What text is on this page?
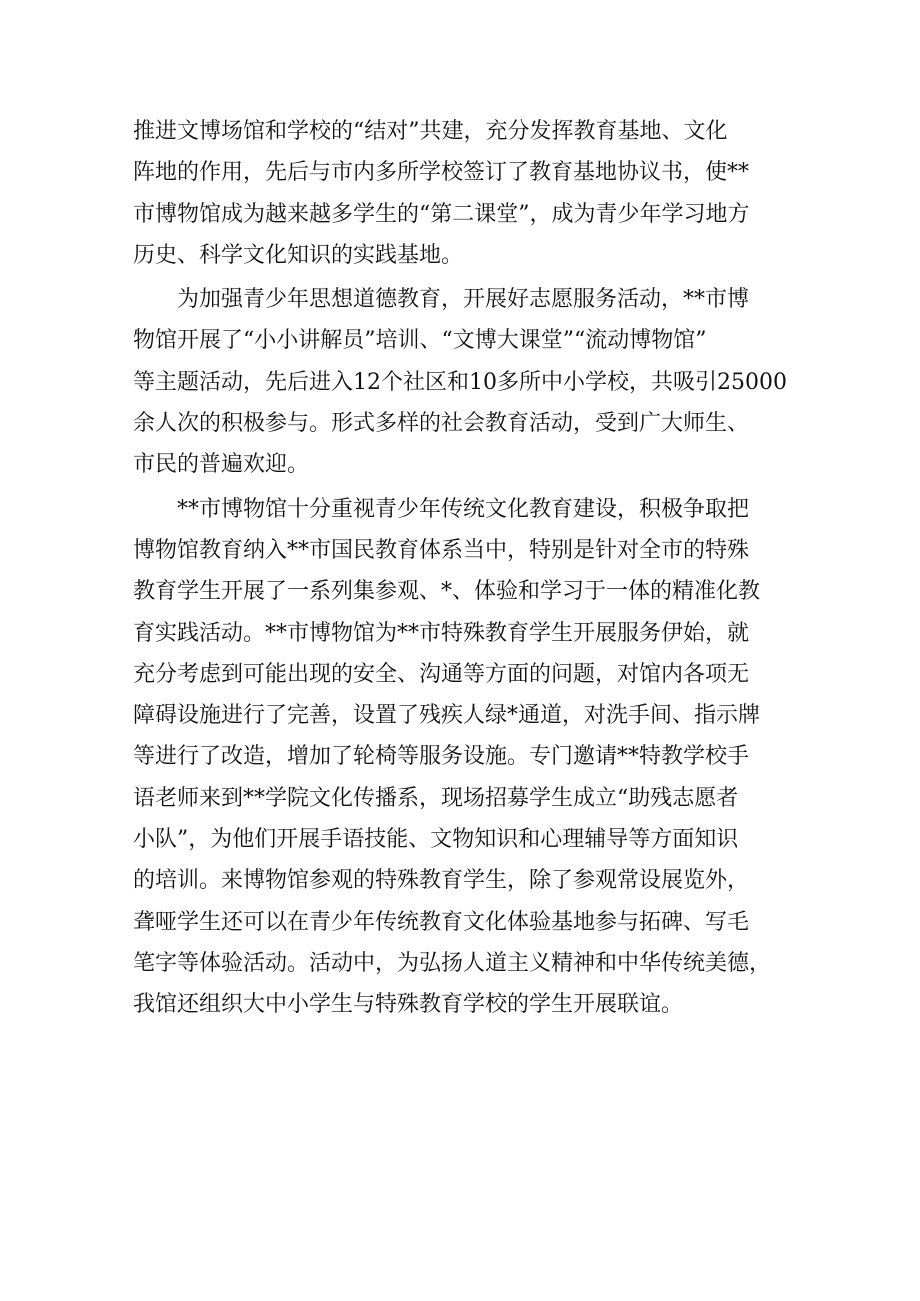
推进文博场馆和学校的“结对”共建，充分发挥教育基地、文化
阵地的作用，先后与市内多所学校签订了教育基地协议书，使**
市博物馆成为越来越多学生的“第二课堂”，成为青少年学习地方
历史、科学文化知识的实践基地。
　　为加强青少年思想道德教育，开展好志愿服务活动，**市博
物馆开展了“小小讲解员”培训、“文博大课堂”“流动博物馆”
等主题活动，先后进入12个社区和10多所中小学校，共吸引25000
余人次的积极参与。形式多样的社会教育活动，受到广大师生、
市民的普遍欢迎。
　　**市博物馆十分重视青少年传统文化教育建设，积极争取把
博物馆教育纳入**市国民教育体系当中，特别是针对全市的特殊
教育学生开展了一系列集参观、*、体验和学习于一体的精准化教
育实践活动。**市博物馆为**市特殊教育学生开展服务伊始，就
充分考虑到可能出现的安全、沟通等方面的问题，对馆内各项无
障碍设施进行了完善，设置了残疾人绿*通道，对洗手间、指示牌
等进行了改造，增加了轮椅等服务设施。专门邀请**特教学校手
语老师来到**学院文化传播系，现场招募学生成立“助残志愿者
小队”，为他们开展手语技能、文物知识和心理辅导等方面知识
的培训。来博物馆参观的特殊教育学生，除了参观常设展览外，
聋哑学生还可以在青少年传统教育文化体验基地参与拓碑、写毛
笔字等体验活动。活动中，为弘扬人道主义精神和中华传统美德，
我馆还组织大中小学生与特殊教育学校的学生开展联谊。
